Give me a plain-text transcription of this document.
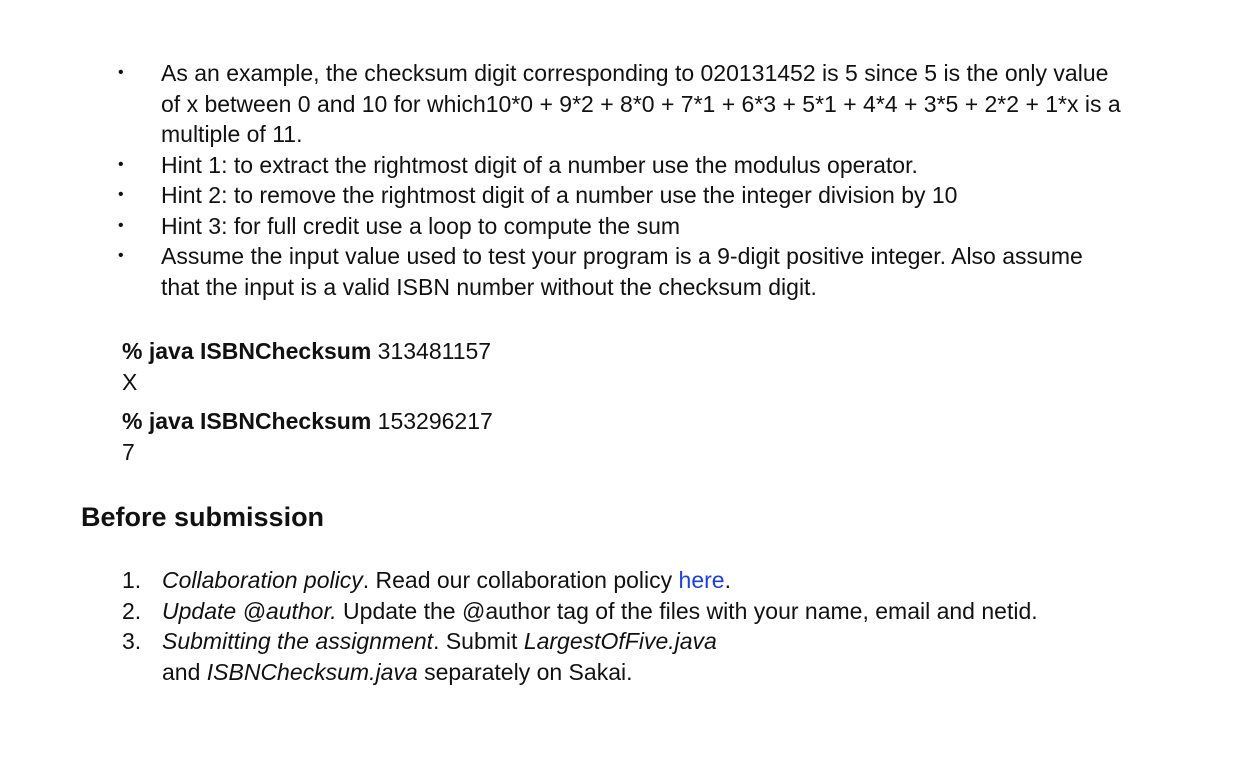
• As an example, the checksum digit corresponding to 020131452 is 5 since 5 is the only value of x between 0 and 10 for which10*0 + 9*2 + 8*0 + 7*1 + 6*3 + 5*1 + 4*4 + 3*5 + 2*2 + 1*x is a multiple of 11.
• Hint 1: to extract the rightmost digit of a number use the modulus operator.
• Hint 2: to remove the rightmost digit of a number use the integer division by 10
• Hint 3: for full credit use a loop to compute the sum
• Assume the input value used to test your program is a 9-digit positive integer. Also assume that the input is a valid ISBN number without the checksum digit.
% java ISBNChecksum 313481157
X
% java ISBNChecksum 153296217
7
Before submission
1. Collaboration policy. Read our collaboration policy here.
2. Update @author. Update the @author tag of the files with your name, email and netid.
3. Submitting the assignment. Submit LargestOfFive.java
and ISBNChecksum.java separately on Sakai.
